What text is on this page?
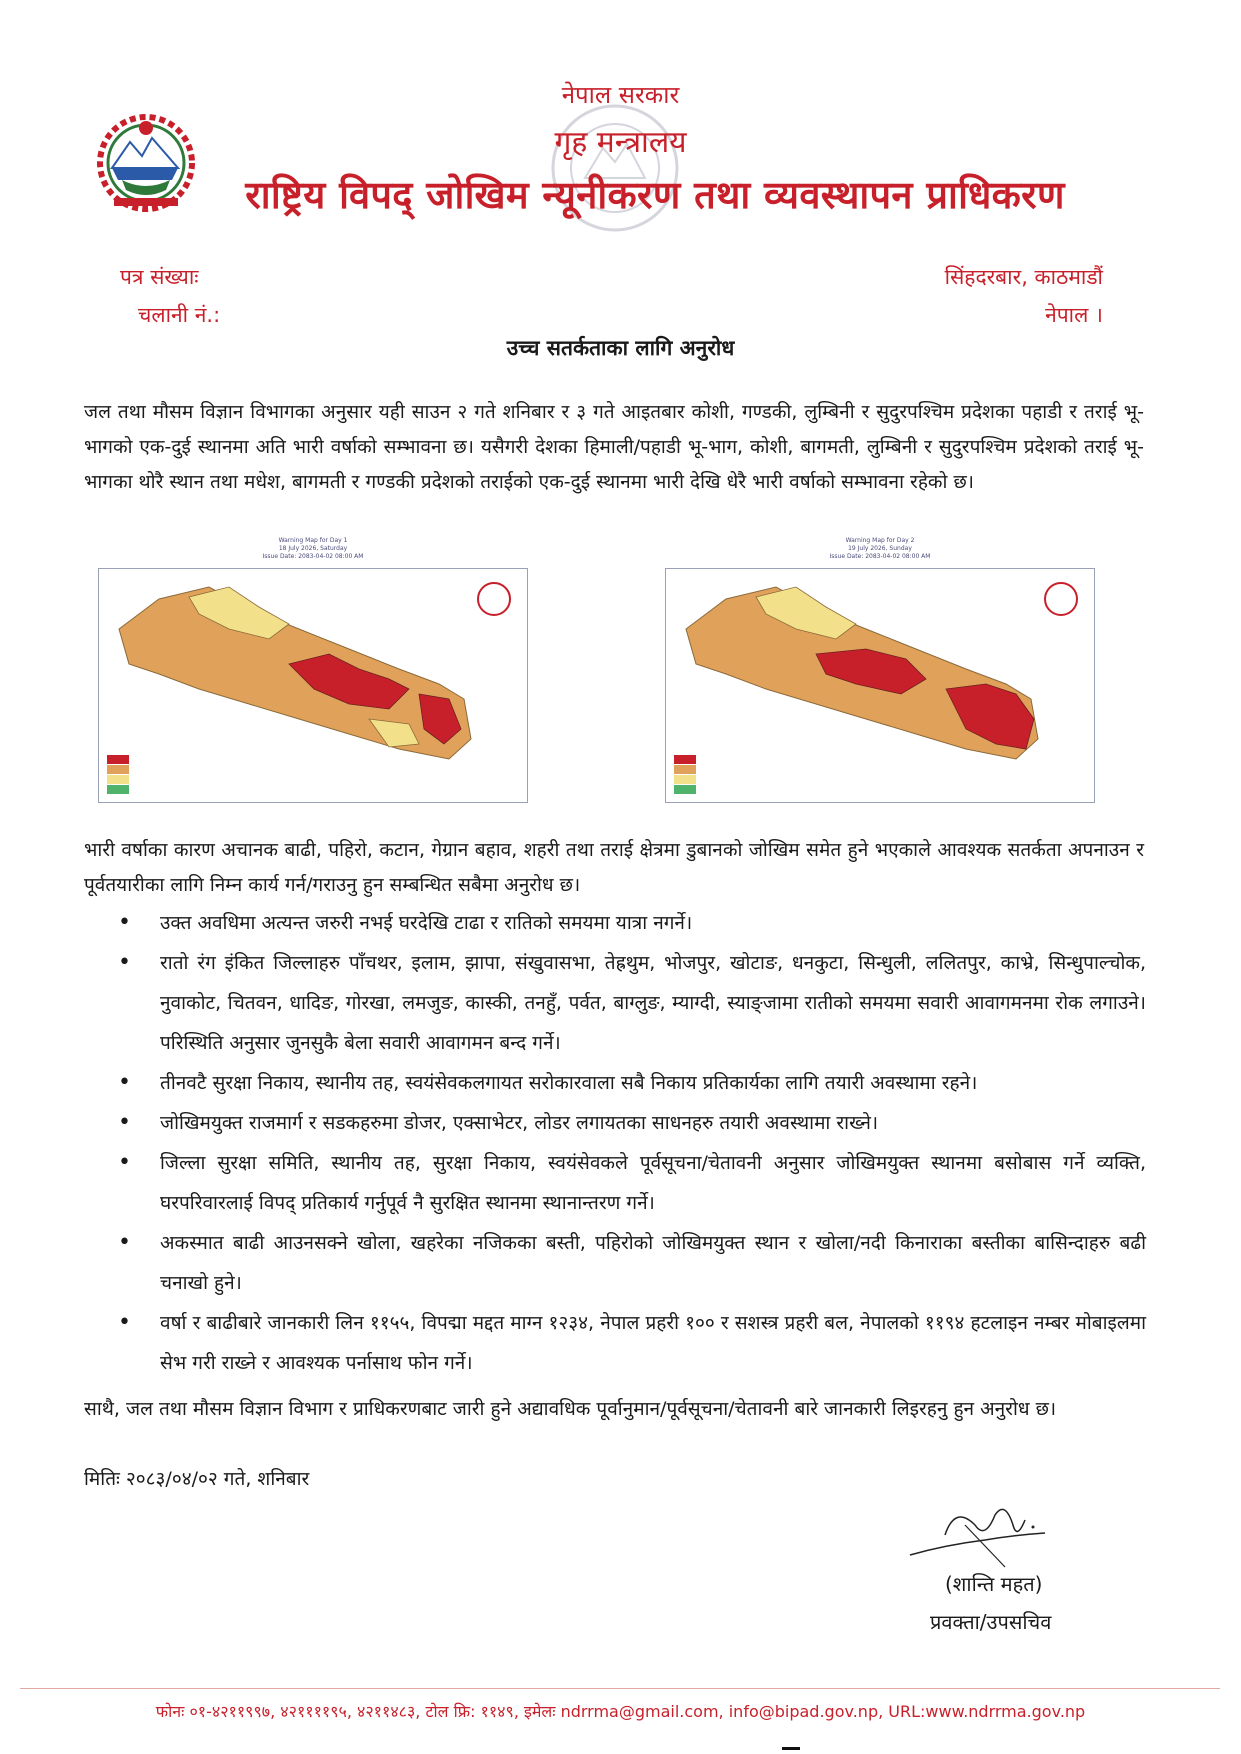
नेपाल सरकार
गृह मन्त्रालय
राष्ट्रिय विपद् जोखिम न्यूनीकरण तथा व्यवस्थापन प्राधिकरण
पत्र संख्याः
चलानी नं.:
सिंहदरबार, काठमाडौं
नेपाल ।
उच्च सतर्कताका लागि अनुरोध
जल तथा मौसम विज्ञान विभागका अनुसार यही साउन २ गते शनिबार र ३ गते आइतबार कोशी, गण्डकी, लुम्बिनी र सुदुरपश्चिम प्रदेशका पहाडी र तराई भू-भागको एक-दुई स्थानमा अति भारी वर्षाको सम्भावना छ। यसैगरी देशका हिमाली/पहाडी भू-भाग, कोशी, बागमती, लुम्बिनी र सुदुरपश्चिम प्रदेशको तराई भू-भागका थोरै स्थान तथा मधेश, बागमती र गण्डकी प्रदेशको तराईको एक-दुई स्थानमा भारी देखि धेरै भारी वर्षाको सम्भावना रहेको छ।
Warning Map for Day 1
18 July 2026, Saturday
Issue Date: 2083-04-02 08:00 AM
Warning Map for Day 2
19 July 2026, Sunday
Issue Date: 2083-04-02 08:00 AM
भारी वर्षाका कारण अचानक बाढी, पहिरो, कटान, गेग्रान बहाव, शहरी तथा तराई क्षेत्रमा डुबानको जोखिम समेत हुने भएकाले आवश्यक सतर्कता अपनाउन र पूर्वतयारीका लागि निम्न कार्य गर्न/गराउनु हुन सम्बन्धित सबैमा अनुरोध छ।
• उक्त अवधिमा अत्यन्त जरुरी नभई घरदेखि टाढा र रातिको समयमा यात्रा नगर्ने।
• रातो रंग इंकित जिल्लाहरु पाँचथर, इलाम, झापा, संखुवासभा, तेह्रथुम, भोजपुर, खोटाङ, धनकुटा, सिन्धुली, ललितपुर, काभ्रे, सिन्धुपाल्चोक, नुवाकोट, चितवन, धादिङ, गोरखा, लमजुङ, कास्की, तनहुँ, पर्वत, बाग्लुङ, म्याग्दी, स्याङ्जामा रातीको समयमा सवारी आवागमनमा रोक लगाउने। परिस्थिति अनुसार जुनसुकै बेला सवारी आवागमन बन्द गर्ने।
• तीनवटै सुरक्षा निकाय, स्थानीय तह, स्वयंसेवकलगायत सरोकारवाला सबै निकाय प्रतिकार्यका लागि तयारी अवस्थामा रहने।
• जोखिमयुक्त राजमार्ग र सडकहरुमा डोजर, एक्साभेटर, लोडर लगायतका साधनहरु तयारी अवस्थामा राख्ने।
• जिल्ला सुरक्षा समिति, स्थानीय तह, सुरक्षा निकाय, स्वयंसेवकले पूर्वसूचना/चेतावनी अनुसार जोखिमयुक्त स्थानमा बसोबास गर्ने व्यक्ति, घरपरिवारलाई विपद् प्रतिकार्य गर्नुपूर्व नै सुरक्षित स्थानमा स्थानान्तरण गर्ने।
• अकस्मात बाढी आउनसक्ने खोला, खहरेका नजिकका बस्ती, पहिरोको जोखिमयुक्त स्थान र खोला/नदी किनाराका बस्तीका बासिन्दाहरु बढी चनाखो हुने।
• वर्षा र बाढीबारे जानकारी लिन ११५५, विपद्मा मद्दत माग्न १२३४, नेपाल प्रहरी १०० र सशस्त्र प्रहरी बल, नेपालको ११९४ हटलाइन नम्बर मोबाइलमा सेभ गरी राख्ने र आवश्यक पर्नासाथ फोन गर्ने।
साथै, जल तथा मौसम विज्ञान विभाग र प्राधिकरणबाट जारी हुने अद्यावधिक पूर्वानुमान/पूर्वसूचना/चेतावनी बारे जानकारी लिइरहनु हुन अनुरोध छ।
मितिः २०८३/०४/०२ गते, शनिबार
(शान्ति महत)
प्रवक्ता/उपसचिव
फोनः ०१-४२११९९७, ४२११११९५, ४२११४८३, टोल फ्रि: ११४९, इमेलः ndrrma@gmail.com, info@bipad.gov.np, URL:www.ndrrma.gov.np
